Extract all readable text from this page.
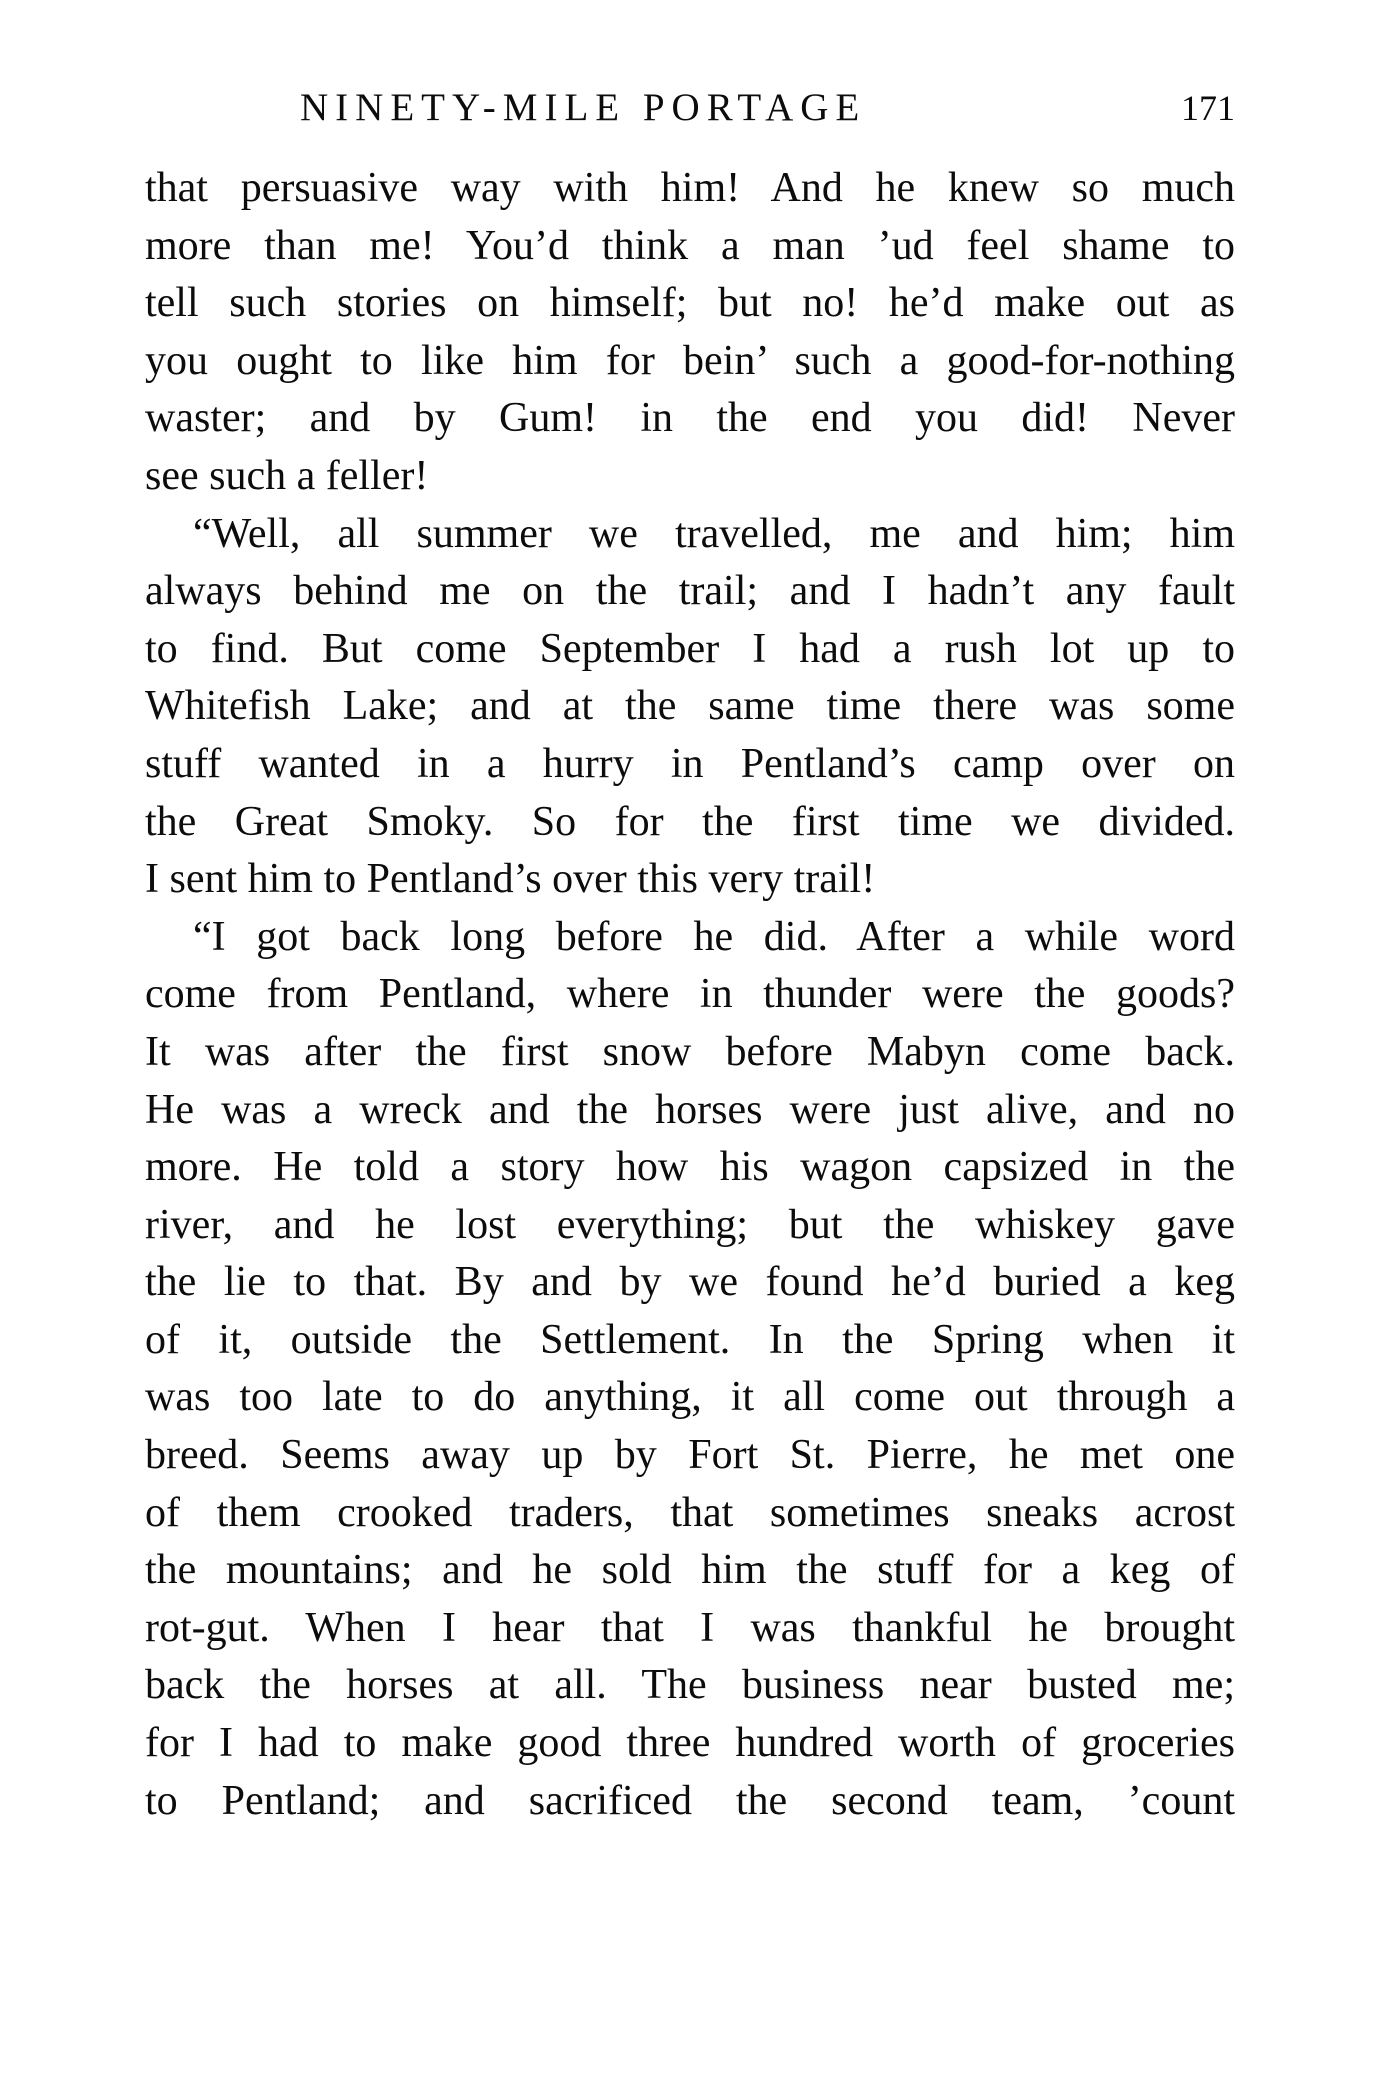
NINETY-MILE PORTAGE	171
that persuasive way with him! And he knew so much
more than me! You’d think a man ’ud feel shame to
tell such stories on himself; but no! he’d make out as
you ought to like him for bein’ such a good-for-nothing
waster; and by Gum! in the end you did! Never
see such a feller!
“Well, all summer we travelled, me and him; him
always behind me on the trail; and I hadn’t any fault
to find. But come September I had a rush lot up to
Whitefish Lake; and at the same time there was some
stuff wanted in a hurry in Pentland’s camp over on
the Great Smoky. So for the first time we divided.
I sent him to Pentland’s over this very trail!
“I got back long before he did. After a while word
come from Pentland, where in thunder were the goods?
It was after the first snow before Mabyn come back.
He was a wreck and the horses were just alive, and no
more. He told a story how his wagon capsized in the
river, and he lost everything; but the whiskey gave
the lie to that. By and by we found he’d buried a keg
of it, outside the Settlement. In the Spring when it
was too late to do anything, it all come out through a
breed. Seems away up by Fort St. Pierre, he met one
of them crooked traders, that sometimes sneaks acrost
the mountains; and he sold him the stuff for a keg of
rot-gut. When I hear that I was thankful he brought
back the horses at all. The business near busted me;
for I had to make good three hundred worth of groceries
to Pentland; and sacrificed the second team, ’count
